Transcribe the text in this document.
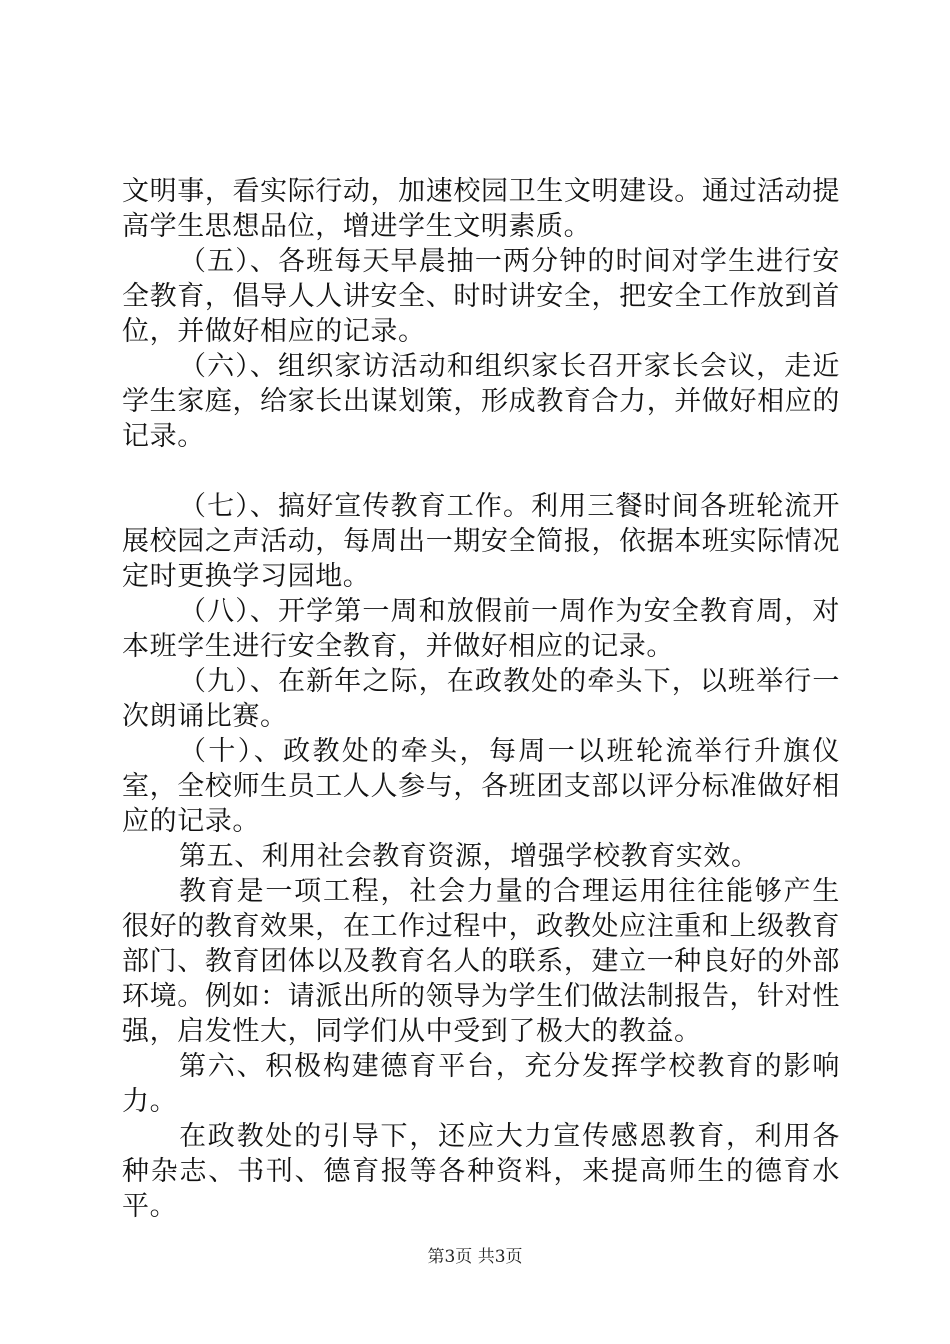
文明事，看实际行动，加速校园卫生文明建设。通过活动提高学生思想品位，增进学生文明素质。

（五）、各班每天早晨抽一两分钟的时间对学生进行安全教育，倡导人人讲安全、时时讲安全，把安全工作放到首位，并做好相应的记录。

（六）、组织家访活动和组织家长召开家长会议，走近学生家庭，给家长出谋划策，形成教育合力，并做好相应的记录。

（七）、搞好宣传教育工作。利用三餐时间各班轮流开展校园之声活动，每周出一期安全简报，依据本班实际情况定时更换学习园地。

（八）、开学第一周和放假前一周作为安全教育周，对本班学生进行安全教育，并做好相应的记录。

（九）、在新年之际，在政教处的牵头下，以班举行一次朗诵比赛。

（十）、政教处的牵头，每周一以班轮流举行升旗仪室，全校师生员工人人参与，各班团支部以评分标准做好相应的记录。

第五、利用社会教育资源，增强学校教育实效。

教育是一项工程，社会力量的合理运用往往能够产生很好的教育效果，在工作过程中，政教处应注重和上级教育部门、教育团体以及教育名人的联系，建立一种良好的外部环境。例如：请派出所的领导为学生们做法制报告，针对性强，启发性大，同学们从中受到了极大的教益。

第六、积极构建德育平台，充分发挥学校教育的影响力。

在政教处的引导下，还应大力宣传感恩教育，利用各种杂志、书刊、德育报等各种资料，来提高师生的德育水平。

第3页 共3页
